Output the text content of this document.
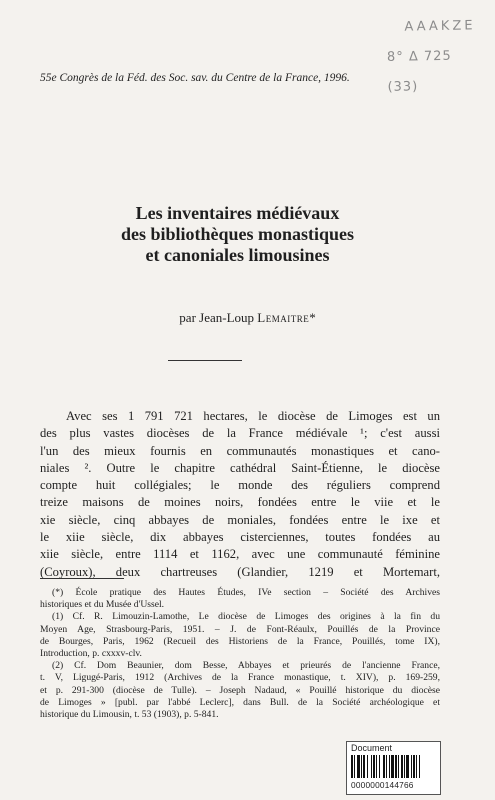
AAAKZE
8° Δ 725 (33)
55e Congrès de la Féd. des Soc. sav. du Centre de la France, 1996.
Les inventaires médiévaux
des bibliothèques monastiques
et canoniales limousines
par Jean-Loup Lemaitre*
Avec ses 1 791 721 hectares, le diocèse de Limoges est un
des plus vastes diocèses de la France médiévale ¹; c'est aussi
l'un des mieux fournis en communautés monastiques et cano-
niales ². Outre le chapitre cathédral Saint-Étienne, le diocèse
compte huit collégiales; le monde des réguliers comprend
treize maisons de moines noirs, fondées entre le viie et le
xie siècle, cinq abbayes de moniales, fondées entre le ixe et
le xiie siècle, dix abbayes cisterciennes, toutes fondées au
xiie siècle, entre 1114 et 1162, avec une communauté féminine
(Coyroux), deux chartreuses (Glandier, 1219 et Mortemart,
(*) École pratique des Hautes Études, IVe section – Société des Archives
historiques et du Musée d'Ussel.
(1) Cf. R. Limouzin-Lamothe, Le diocèse de Limoges des origines à la fin du
Moyen Age, Strasbourg-Paris, 1951. – J. de Font-Réaulx, Pouillés de la Province
de Bourges, Paris, 1962 (Recueil des Historiens de la France, Pouillés, tome IX),
Introduction, p. cxxxv-clv.
(2) Cf. Dom Beaunier, dom Besse, Abbayes et prieurés de l'ancienne France,
t. V, Ligugé-Paris, 1912 (Archives de la France monastique, t. XIV), p. 169-259,
et p. 291-300 (diocèse de Tulle). – Joseph Nadaud, « Pouillé historique du diocèse
de Limoges » [publ. par l'abbé Leclerc], dans Bull. de la Société archéologique et
historique du Limousin, t. 53 (1903), p. 5-841.
Document
0000000144766
